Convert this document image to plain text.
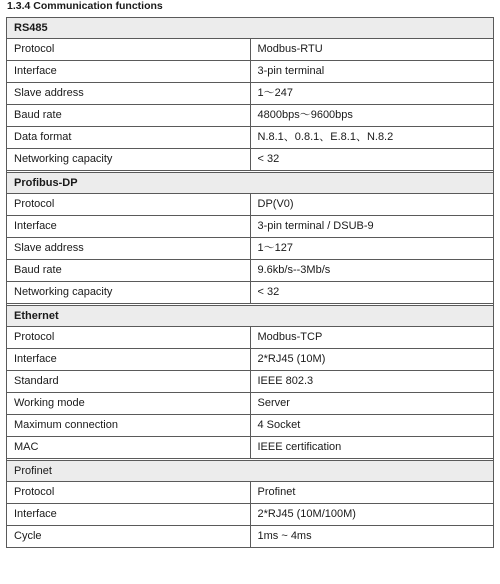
1.3.4 Communication functions
RS485	
Protocol	Modbus-RTU
Interface	3-pin terminal
Slave address	1～247
Baud rate	4800bps～9600bps
Data format	N.8.1、0.8.1、E.8.1、N.8.2
Networking capacity	< 32

Profibus-DP	
Protocol	DP(V0)
Interface	3-pin terminal / DSUB-9
Slave address	1～127
Baud rate	9.6kb/s--3Mb/s
Networking capacity	< 32

Ethernet	
Protocol	Modbus-TCP
Interface	2*RJ45 (10M)
Standard	IEEE 802.3
Working mode	Server
Maximum connection	4 Socket
MAC	IEEE certification

Profinet	
Protocol	Profinet
Interface	2*RJ45 (10M/100M)
Cycle	1ms ~ 4ms
